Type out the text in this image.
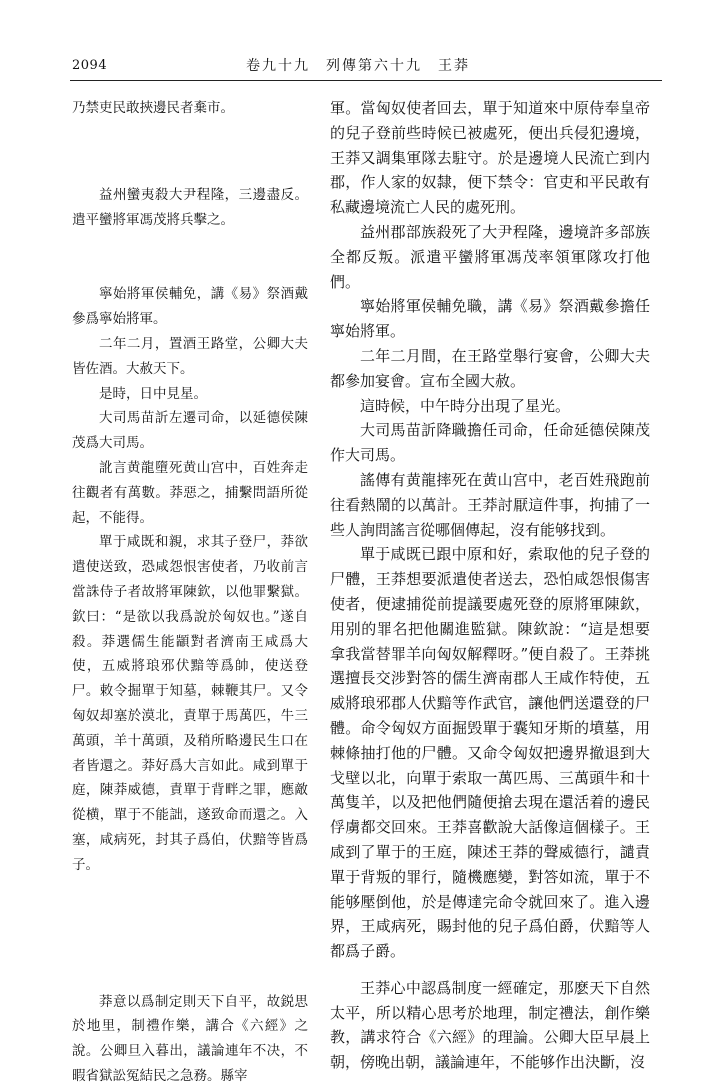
2094	卷九十九　列傳第六十九　王莽

乃禁吏民敢挾邊民者棄市。

益州蠻夷殺大尹程隆，三邊盡反。遣平蠻將軍馮茂將兵擊之。

寧始將軍侯輔免，講《易》祭酒戴參爲寧始將軍。

二年二月，置酒王路堂，公卿大夫皆佐酒。大赦天下。

是時，日中見星。

大司馬苗訢左遷司命，以延德侯陳茂爲大司馬。

訛言黄龍墮死黄山宫中，百姓奔走往觀者有萬數。莽惡之，捕繫問語所從起，不能得。

單于咸既和親，求其子登尸，莽欲遣使送致，恐咸怨恨害使者，乃收前言當誅侍子者故將軍陳欽，以他罪繫獄。欽曰：“是欲以我爲說於匈奴也。”遂自殺。莽選儒生能顓對者濟南王咸爲大使，五威將琅邪伏黯等爲帥，使送登尸。敕令掘單于知墓，棘鞭其尸。又令匈奴却塞於漠北，責單于馬萬匹，牛三萬頭，羊十萬頭，及稍所略邊民生口在者皆還之。莽好爲大言如此。咸到單于庭，陳莽威德，責單于背畔之罪，應敵從横，單于不能詘，遂致命而還之。入塞，咸病死，封其子爲伯，伏黯等皆爲子。

莽意以爲制定則天下自平，故鋭思於地里，制禮作樂，講合《六經》之說。公卿旦入暮出，議論連年不决，不暇省獄訟冤結民之急務。縣宰

軍。當匈奴使者回去，單于知道來中原侍奉皇帝的兒子登前些時候已被處死，便出兵侵犯邊境，王莽又調集軍隊去駐守。於是邊境人民流亡到内郡，作人家的奴隸，便下禁令：官吏和平民敢有私藏邊境流亡人民的處死刑。

益州郡部族殺死了大尹程隆，邊境許多部族全都反叛。派遣平蠻將軍馮茂率領軍隊攻打他們。

寧始將軍侯輔免職，講《易》祭酒戴參擔任寧始將軍。

二年二月間，在王路堂舉行宴會，公卿大夫都參加宴會。宣布全國大赦。

這時候，中午時分出現了星光。

大司馬苗訢降職擔任司命，任命延德侯陳茂作大司馬。

謠傳有黄龍摔死在黄山宫中，老百姓飛跑前往看熱鬧的以萬計。王莽討厭這件事，拘捕了一些人詢問謠言從哪個傳起，沒有能够找到。

單于咸既已跟中原和好，索取他的兒子登的尸體，王莽想要派遣使者送去，恐怕咸怨恨傷害使者，便逮捕從前提議要處死登的原將軍陳欽，用别的罪名把他關進監獄。陳欽說：“這是想要拿我當替罪羊向匈奴解釋呀。”便自殺了。王莽挑選擅長交涉對答的儒生濟南郡人王咸作特使，五威將琅邪郡人伏黯等作武官，讓他們送還登的尸體。命令匈奴方面掘毁單于囊知牙斯的墳墓，用棘條抽打他的尸體。又命令匈奴把邊界撤退到大戈壁以北，向單于索取一萬匹馬、三萬頭牛和十萬隻羊，以及把他們隨便搶去現在還活着的邊民俘虜都交回來。王莽喜歡說大話像這個樣子。王咸到了單于的王庭，陳述王莽的聲威德行，譴責單于背叛的罪行，隨機應變，對答如流，單于不能够壓倒他，於是傳達完命令就回來了。進入邊界，王咸病死，賜封他的兒子爲伯爵，伏黯等人都爲子爵。

王莽心中認爲制度一經確定，那麽天下自然太平，所以精心思考於地理，制定禮法，創作樂教，講求符合《六經》的理論。公卿大臣早晨上朝，傍晚出朝，議論連年，不能够作出決斷，沒
